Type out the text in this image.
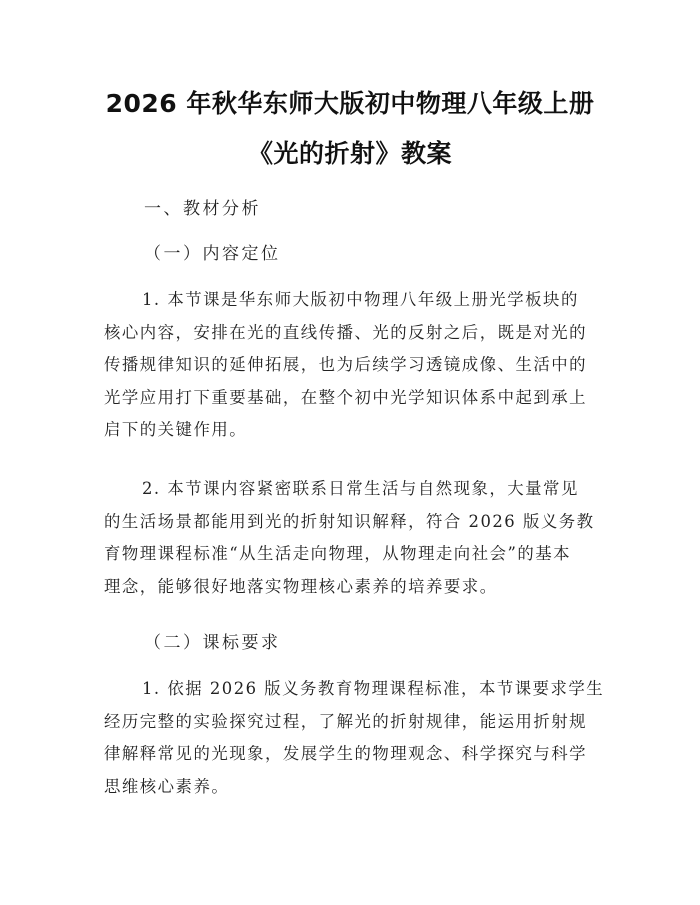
2026 年秋华东师大版初中物理八年级上册
《光的折射》教案
一、教材分析
（一）内容定位
1. 本节课是华东师大版初中物理八年级上册光学板块的
核心内容，安排在光的直线传播、光的反射之后，既是对光的
传播规律知识的延伸拓展，也为后续学习透镜成像、生活中的
光学应用打下重要基础，在整个初中光学知识体系中起到承上
启下的关键作用。
2. 本节课内容紧密联系日常生活与自然现象，大量常见
的生活场景都能用到光的折射知识解释，符合 2026 版义务教
育物理课程标准“从生活走向物理，从物理走向社会”的基本
理念，能够很好地落实物理核心素养的培养要求。
（二）课标要求
1. 依据 2026 版义务教育物理课程标准，本节课要求学生
经历完整的实验探究过程，了解光的折射规律，能运用折射规
律解释常见的光现象，发展学生的物理观念、科学探究与科学
思维核心素养。
